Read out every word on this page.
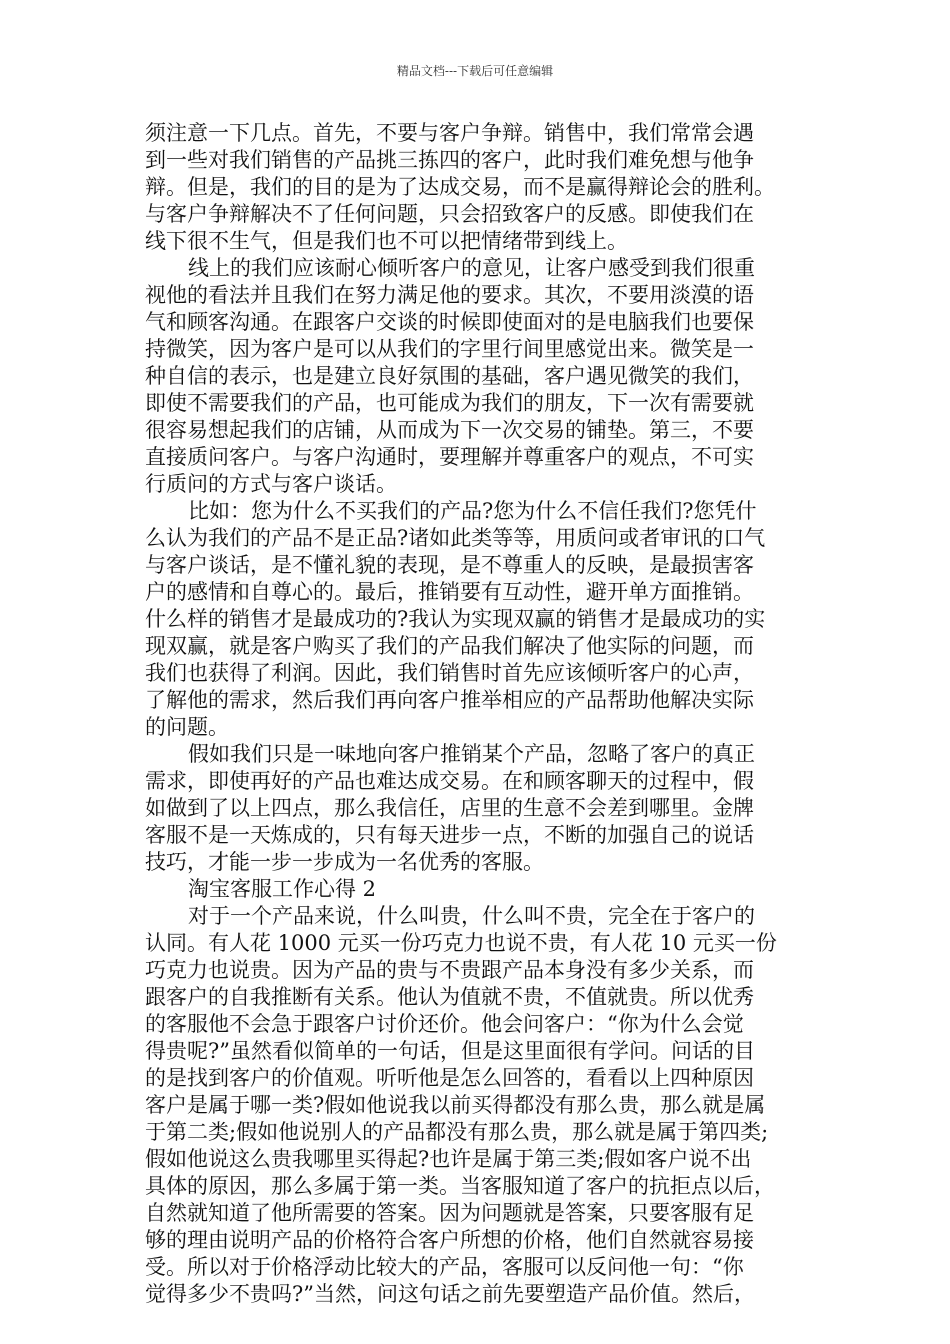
精品文档---下载后可任意编辑
须注意一下几点。首先，不要与客户争辩。销售中，我们常常会遇
到一些对我们销售的产品挑三拣四的客户，此时我们难免想与他争
辩。但是，我们的目的是为了达成交易，而不是赢得辩论会的胜利。
与客户争辩解决不了任何问题，只会招致客户的反感。即使我们在
线下很不生气，但是我们也不可以把情绪带到线上。
线上的我们应该耐心倾听客户的意见，让客户感受到我们很重
视他的看法并且我们在努力满足他的要求。其次，不要用淡漠的语
气和顾客沟通。在跟客户交谈的时候即使面对的是电脑我们也要保
持微笑，因为客户是可以从我们的字里行间里感觉出来。微笑是一
种自信的表示，也是建立良好氛围的基础，客户遇见微笑的我们，
即使不需要我们的产品，也可能成为我们的朋友，下一次有需要就
很容易想起我们的店铺，从而成为下一次交易的铺垫。第三，不要
直接质问客户。与客户沟通时，要理解并尊重客户的观点，不可实
行质问的方式与客户谈话。
比如：您为什么不买我们的产品?您为什么不信任我们?您凭什
么认为我们的产品不是正品?诸如此类等等，用质问或者审讯的口气
与客户谈话，是不懂礼貌的表现，是不尊重人的反映，是最损害客
户的感情和自尊心的。最后，推销要有互动性，避开单方面推销。
什么样的销售才是最成功的?我认为实现双赢的销售才是最成功的实
现双赢，就是客户购买了我们的产品我们解决了他实际的问题，而
我们也获得了利润。因此，我们销售时首先应该倾听客户的心声，
了解他的需求，然后我们再向客户推举相应的产品帮助他解决实际
的问题。
假如我们只是一味地向客户推销某个产品，忽略了客户的真正
需求，即使再好的产品也难达成交易。在和顾客聊天的过程中，假
如做到了以上四点，那么我信任，店里的生意不会差到哪里。金牌
客服不是一天炼成的，只有每天进步一点，不断的加强自己的说话
技巧，才能一步一步成为一名优秀的客服。
淘宝客服工作心得 2
对于一个产品来说，什么叫贵，什么叫不贵，完全在于客户的
认同。有人花 1000 元买一份巧克力也说不贵，有人花 10 元买一份
巧克力也说贵。因为产品的贵与不贵跟产品本身没有多少关系，而
跟客户的自我推断有关系。他认为值就不贵，不值就贵。所以优秀
的客服他不会急于跟客户讨价还价。他会问客户：“你为什么会觉
得贵呢?”虽然看似简单的一句话，但是这里面很有学问。问话的目
的是找到客户的价值观。听听他是怎么回答的，看看以上四种原因
客户是属于哪一类?假如他说我以前买得都没有那么贵，那么就是属
于第二类;假如他说别人的产品都没有那么贵，那么就是属于第四类;
假如他说这么贵我哪里买得起?也许是属于第三类;假如客户说不出
具体的原因，那么多属于第一类。当客服知道了客户的抗拒点以后，
自然就知道了他所需要的答案。因为问题就是答案，只要客服有足
够的理由说明产品的价格符合客户所想的价格，他们自然就容易接
受。所以对于价格浮动比较大的产品，客服可以反问他一句：“你
觉得多少不贵吗?”当然，问这句话之前先要塑造产品价值。然后，
